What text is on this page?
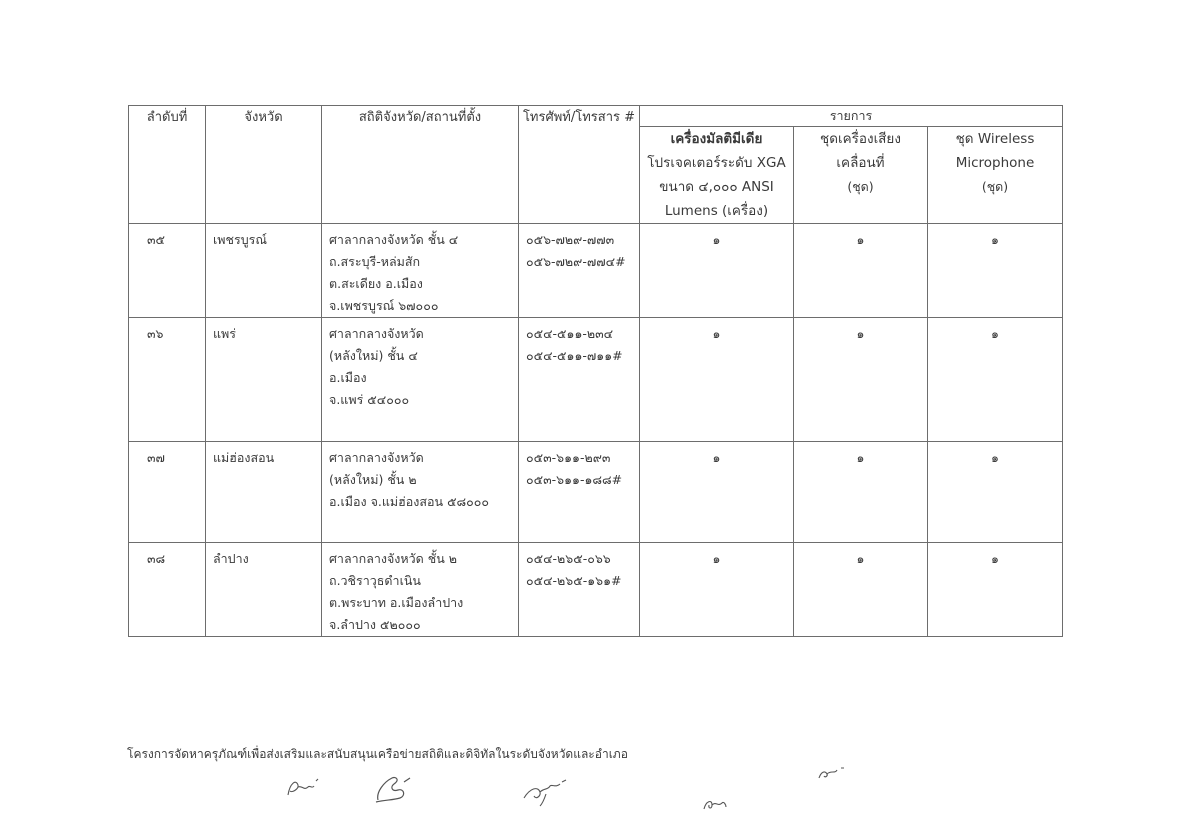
ลำดับที่	จังหวัด	สถิติจังหวัด/สถานที่ตั้ง	โทรศัพท์/โทรสาร #	รายการ		

				เครื่องมัลติมีเดีย
โปรเจคเตอร์ระดับ XGA
ขนาด ๔,๐๐๐ ANSI
Lumens (เครื่อง)	ชุดเครื่องเสียง
เคลื่อนที่
(ชุด)	ชุด Wireless
Microphone
(ชุด)

๓๕	เพชรบูรณ์	ศาลากลางจังหวัด ชั้น ๔
ถ.สระบุรี-หล่มสัก
ต.สะเดียง อ.เมือง
จ.เพชรบูรณ์ ๖๗๐๐๐	๐๕๖-๗๒๙-๗๗๓
๐๕๖-๗๒๙-๗๗๔#	๑	๑	๑

๓๖	แพร่	ศาลากลางจังหวัด
(หลังใหม่) ชั้น ๔
อ.เมือง
จ.แพร่ ๕๔๐๐๐	๐๕๔-๕๑๑-๒๓๔
๐๕๔-๕๑๑-๗๑๑#	๑	๑	๑

๓๗	แม่ฮ่องสอน	ศาลากลางจังหวัด
(หลังใหม่) ชั้น ๒
อ.เมือง จ.แม่ฮ่องสอน ๕๘๐๐๐	๐๕๓-๖๑๑-๒๙๓
๐๕๓-๖๑๑-๑๘๘#	๑	๑	๑

๓๘	ลำปาง	ศาลากลางจังหวัด ชั้น ๒
ถ.วชิราวุธดำเนิน
ต.พระบาท อ.เมืองลำปาง
จ.ลำปาง ๕๒๐๐๐	๐๕๔-๒๖๕-๐๖๖
๐๕๔-๒๖๕-๑๖๑#	๑	๑	๑
โครงการจัดหาครุภัณฑ์เพื่อส่งเสริมและสนับสนุนเครือข่ายสถิติและดิจิทัลในระดับจังหวัดและอำเภอ
